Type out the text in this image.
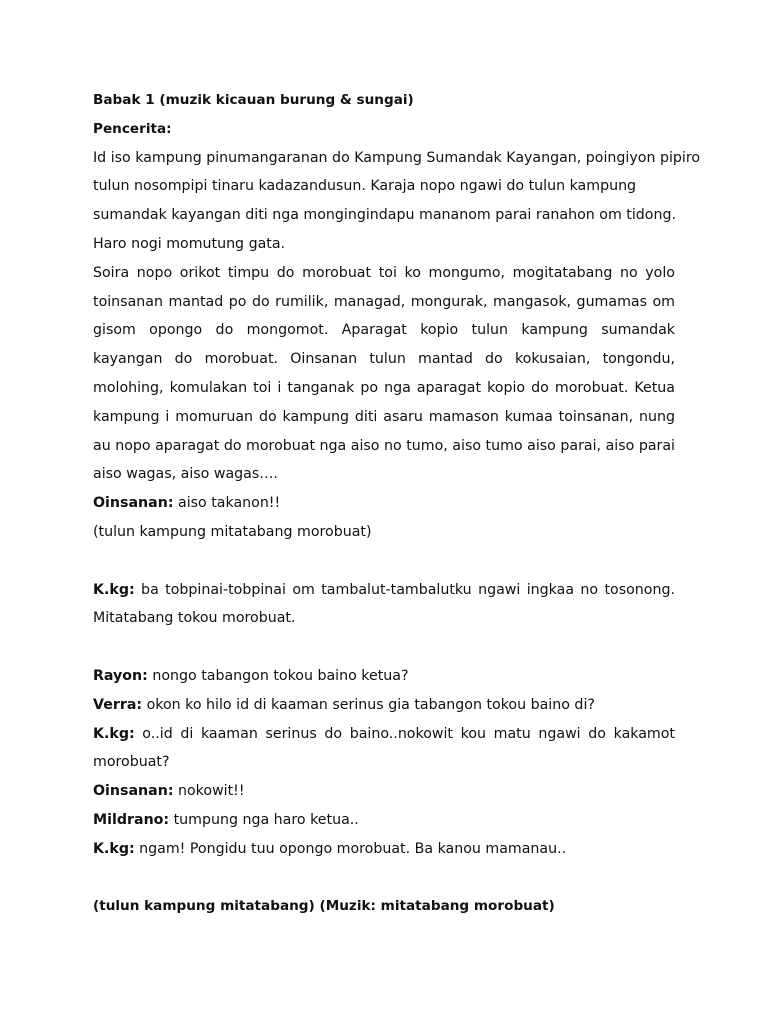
Babak 1 (muzik kicauan burung & sungai)

Pencerita:

Id iso kampung pinumangaranan do Kampung Sumandak Kayangan, poingiyon pipiro

tulun nosompipi tinaru kadazandusun. Karaja nopo ngawi do tulun kampung

sumandak kayangan diti nga mongingindapu mananom parai ranahon om tidong.

Haro nogi momutung gata.

Soira nopo orikot timpu do morobuat toi ko mongumo, mogitatabang no yolo toinsanan mantad po do rumilik, managad, mongurak, mangasok, gumamas om gisom opongo do mongomot. Aparagat kopio tulun kampung sumandak kayangan do morobuat. Oinsanan tulun mantad do kokusaian, tongondu, molohing, komulakan toi i tanganak po nga aparagat kopio do morobuat. Ketua kampung i momuruan do kampung diti asaru mamason kumaa toinsanan, nung au nopo aparagat do morobuat nga aiso no tumo, aiso tumo aiso parai, aiso parai aiso wagas, aiso wagas….

Oinsanan: aiso takanon!!

(tulun kampung mitatabang morobuat)

K.kg: ba tobpinai-tobpinai om tambalut-tambalutku ngawi ingkaa no tosonong. Mitatabang tokou morobuat.

Rayon: nongo tabangon tokou baino ketua?

Verra: okon ko hilo id di kaaman serinus gia tabangon tokou baino di?

K.kg: o..id di kaaman serinus do baino..nokowit kou matu ngawi do kakamot morobuat?

Oinsanan: nokowit!!

Mildrano: tumpung nga haro ketua..

K.kg: ngam! Pongidu tuu opongo morobuat. Ba kanou mamanau..

(tulun kampung mitatabang) (Muzik: mitatabang morobuat)
